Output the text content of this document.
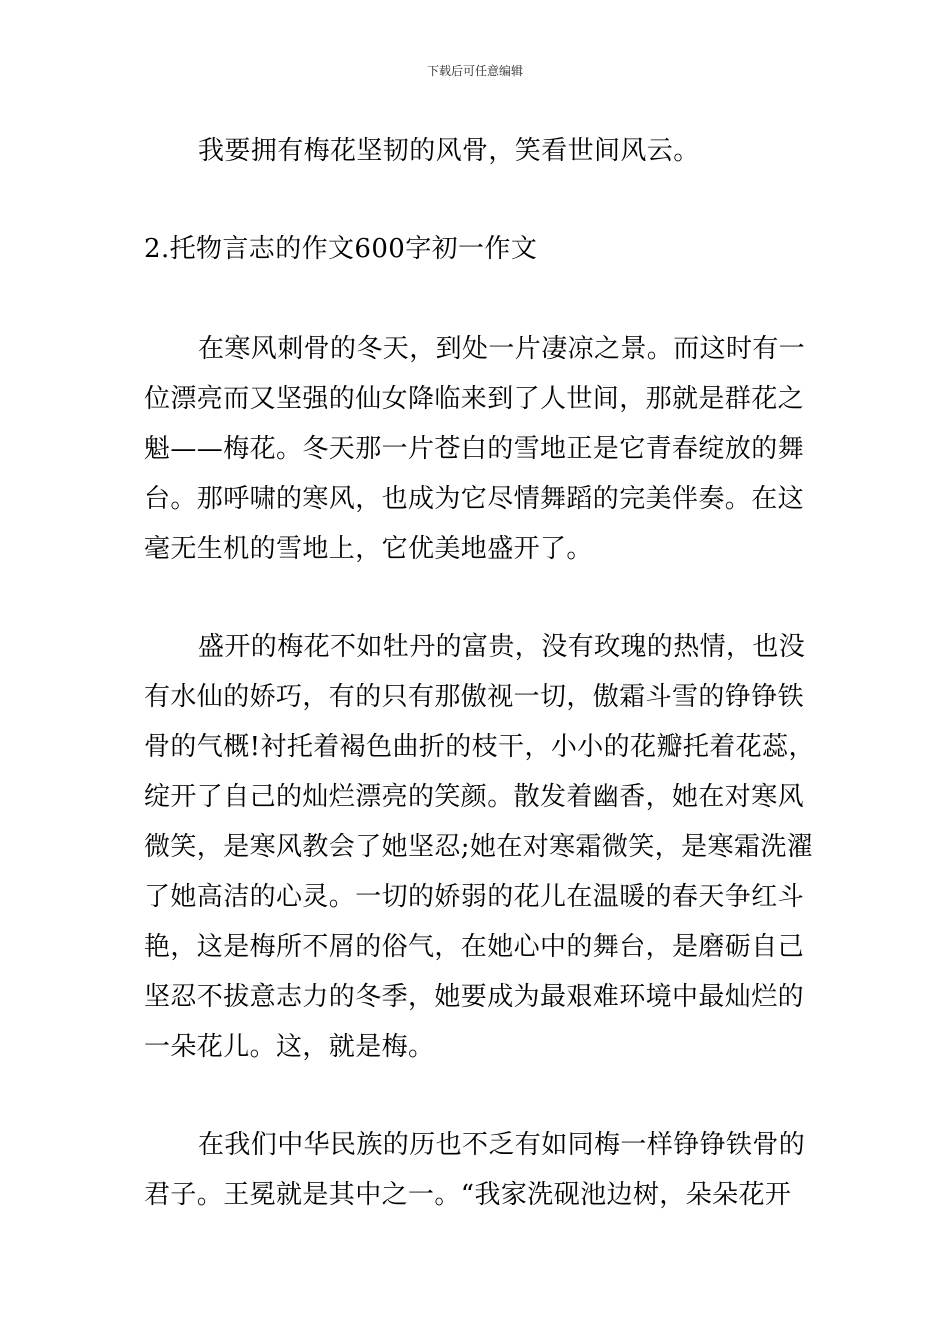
下载后可任意编辑
我要拥有梅花坚韧的风骨，笑看世间风云。
2.托物言志的作文600字初一作文
在寒风刺骨的冬天，到处一片凄凉之景。而这时有一
位漂亮而又坚强的仙女降临来到了人世间，那就是群花之
魁——梅花。冬天那一片苍白的雪地正是它青春绽放的舞
台。那呼啸的寒风，也成为它尽情舞蹈的完美伴奏。在这
毫无生机的雪地上，它优美地盛开了。
盛开的梅花不如牡丹的富贵，没有玫瑰的热情，也没
有水仙的娇巧，有的只有那傲视一切，傲霜斗雪的铮铮铁
骨的气概!衬托着褐色曲折的枝干，小小的花瓣托着花蕊，
绽开了自己的灿烂漂亮的笑颜。散发着幽香，她在对寒风
微笑，是寒风教会了她坚忍;她在对寒霜微笑，是寒霜洗濯
了她高洁的心灵。一切的娇弱的花儿在温暖的春天争红斗
艳，这是梅所不屑的俗气，在她心中的舞台，是磨砺自己
坚忍不拔意志力的冬季，她要成为最艰难环境中最灿烂的
一朵花儿。这，就是梅。
在我们中华民族的历也不乏有如同梅一样铮铮铁骨的
君子。王冕就是其中之一。“我家洗砚池边树，朵朵花开
